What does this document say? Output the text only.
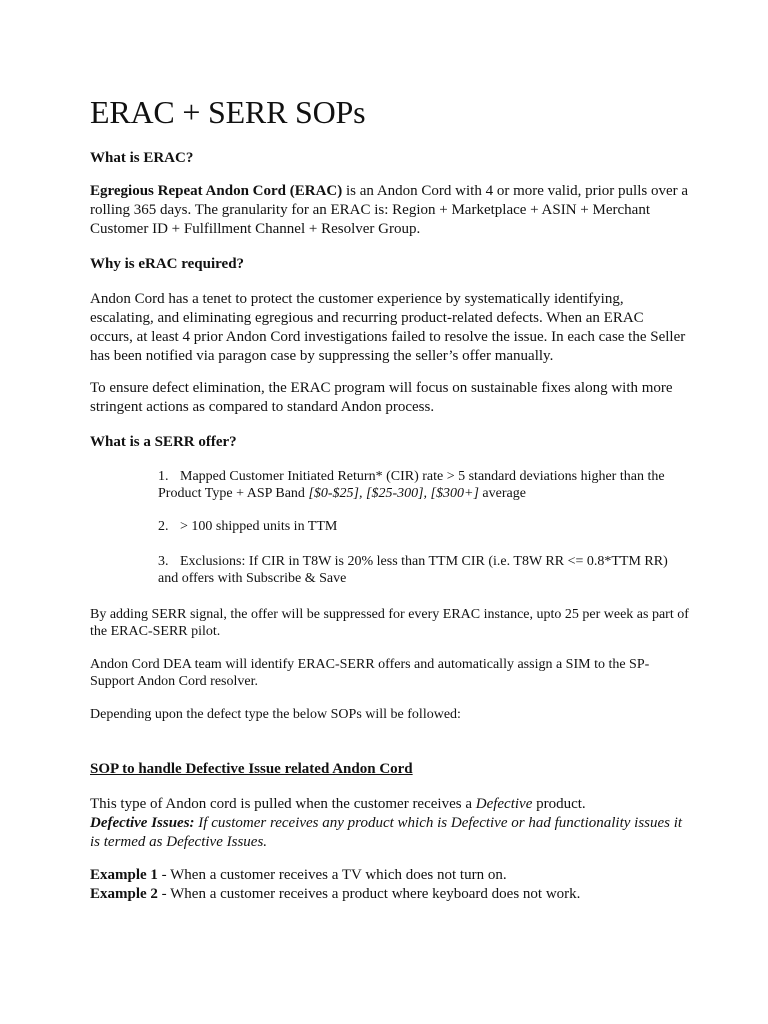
ERAC + SERR SOPs

What is ERAC?

Egregious Repeat Andon Cord (ERAC) is an Andon Cord with 4 or more valid, prior pulls over a rolling 365 days. The granularity for an ERAC is: Region + Marketplace + ASIN + Merchant Customer ID + Fulfillment Channel + Resolver Group.

Why is eRAC required?

Andon Cord has a tenet to protect the customer experience by systematically identifying, escalating, and eliminating egregious and recurring product-related defects. When an ERAC occurs, at least 4 prior Andon Cord investigations failed to resolve the issue. In each case the Seller has been notified via paragon case by suppressing the seller’s offer manually.

To ensure defect elimination, the ERAC program will focus on sustainable fixes along with more stringent actions as compared to standard Andon process.

What is a SERR offer?

1. Mapped Customer Initiated Return* (CIR) rate > 5 standard deviations higher than the Product Type + ASP Band [$0-$25], [$25-300], [$300+] average

2. > 100 shipped units in TTM

3. Exclusions: If CIR in T8W is 20% less than TTM CIR (i.e. T8W RR <= 0.8*TTM RR) and offers with Subscribe & Save

By adding SERR signal, the offer will be suppressed for every ERAC instance, upto 25 per week as part of the ERAC-SERR pilot.

Andon Cord DEA team will identify ERAC-SERR offers and automatically assign a SIM to the SP-Support Andon Cord resolver.

Depending upon the defect type the below SOPs will be followed:

SOP to handle Defective Issue related Andon Cord

This type of Andon cord is pulled when the customer receives a Defective product.

Defective Issues: If customer receives any product which is Defective or had functionality issues it is termed as Defective Issues.

Example 1 - When a customer receives a TV which does not turn on.

Example 2 - When a customer receives a product where keyboard does not work.
